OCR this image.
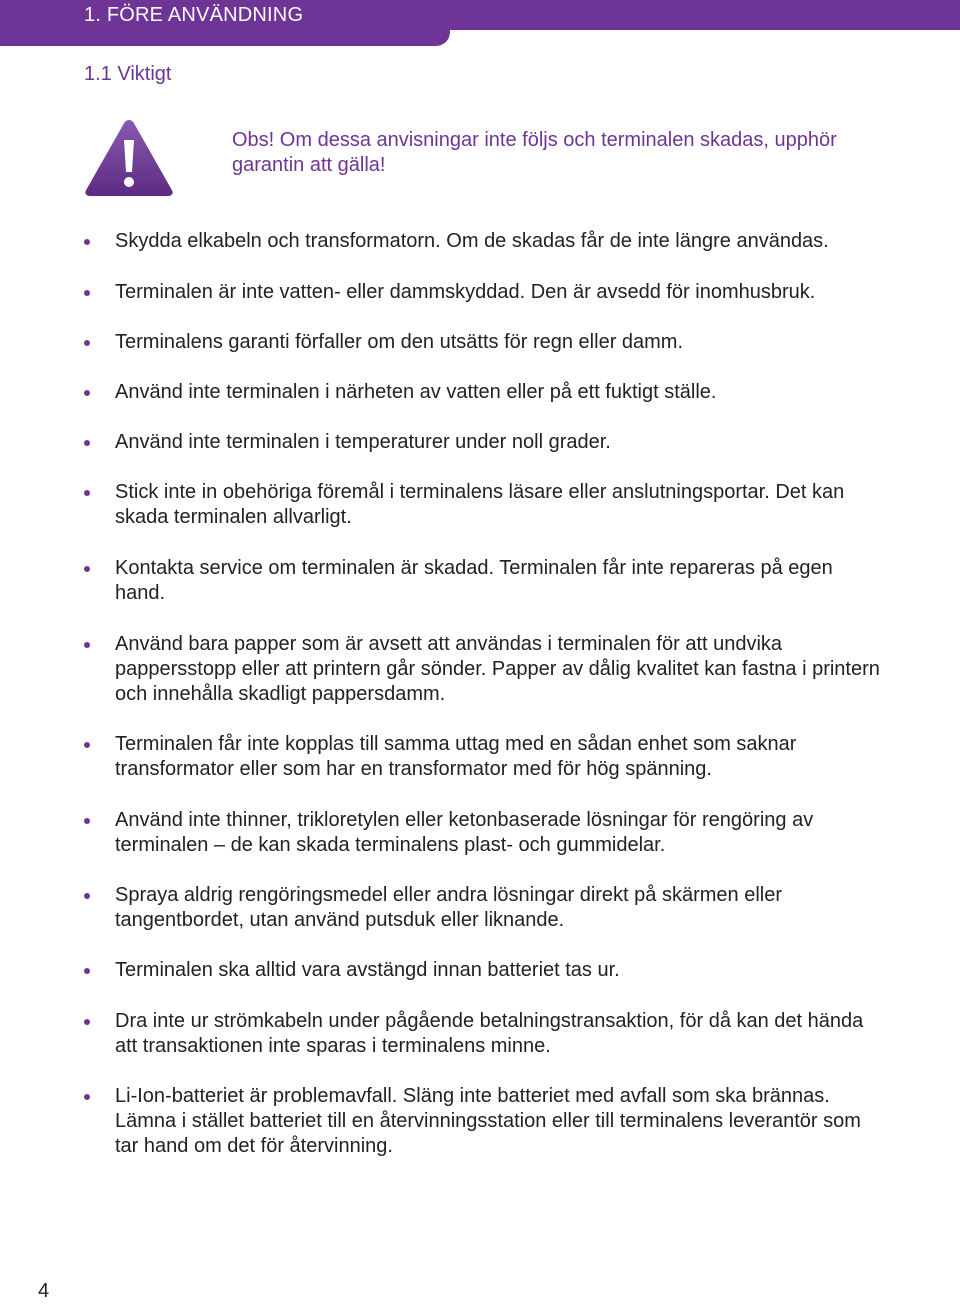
1. FÖRE ANVÄNDNING
1.1 Viktigt
Obs! Om dessa anvisningar inte följs och terminalen skadas, upphör garantin att gälla!
Skydda elkabeln och transformatorn. Om de skadas får de inte längre användas.
Terminalen är inte vatten- eller dammskyddad. Den är avsedd för inomhusbruk.
Terminalens garanti förfaller om den utsätts för regn eller damm.
Använd inte terminalen i närheten av vatten eller på ett fuktigt ställe.
Använd inte terminalen i temperaturer under noll grader.
Stick inte in obehöriga föremål i terminalens läsare eller anslutningsportar. Det kan skada terminalen allvarligt.
Kontakta service om terminalen är skadad. Terminalen får inte repareras på egen hand.
Använd bara papper som är avsett att användas i terminalen för att undvika pappersstopp eller att printern går sönder. Papper av dålig kvalitet kan fastna i printern och innehålla skadligt pappersdamm.
Terminalen får inte kopplas till samma uttag med en sådan enhet som saknar transformator eller som har en transformator med för hög spänning.
Använd inte thinner, trikloretylen eller ketonbaserade lösningar för rengöring av terminalen – de kan skada terminalens plast- och gummidelar.
Spraya aldrig rengöringsmedel eller andra lösningar direkt på skärmen eller tangentbordet, utan använd putsduk eller liknande.
Terminalen ska alltid vara avstängd innan batteriet tas ur.
Dra inte ur strömkabeln under pågående betalningstransaktion, för då kan det hända att transaktionen inte sparas i terminalens minne.
Li-Ion-batteriet är problemavfall. Släng inte batteriet med avfall som ska brännas. Lämna i stället batteriet till en återvinningsstation eller till terminalens leverantör som tar hand om det för återvinning.
4
